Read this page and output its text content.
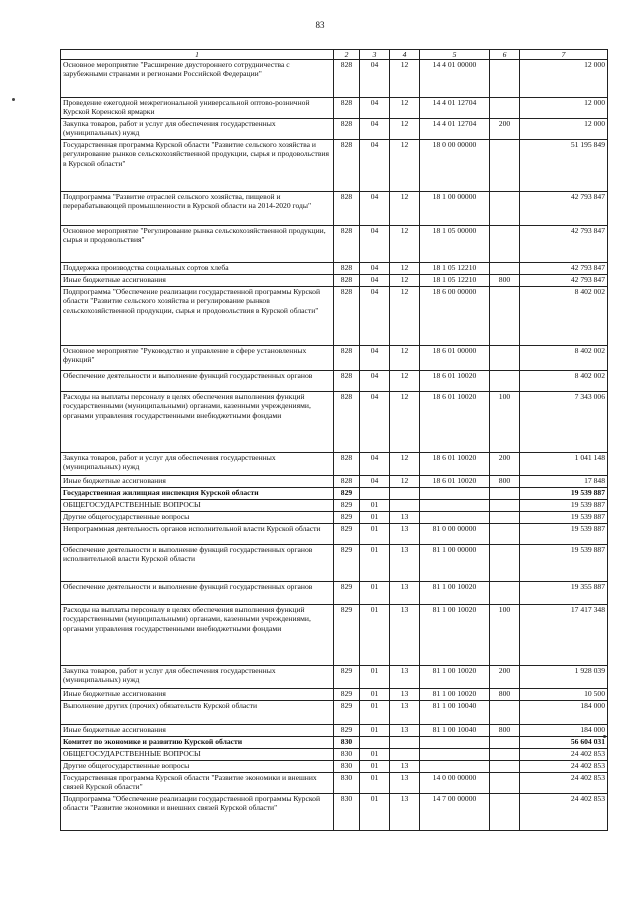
83
1	2	3	4	5	6	7
Основное мероприятие "Расширение двустороннего сотрудничества с зарубежными странами и регионами Российской Федерации"	828	04	12	14 4 01 00000		12 000
Проведение ежегодной межрегиональной универсальной оптово-розничной Курской Коренской ярмарки	828	04	12	14 4 01 12704		12 000
Закупка товаров, работ и услуг для обеспечения государственных (муниципальных) нужд	828	04	12	14 4 01 12704	200	12 000
Государственная программа Курской области "Развитие сельского хозяйства и регулирование рынков сельскохозяйственной продукции, сырья и продовольствия в Курской области"	828	04	12	18 0 00 00000		51 195 849
Подпрограмма "Развитие отраслей сельского хозяйства, пищевой и перерабатывающей промышленности в Курской области на 2014-2020 годы"	828	04	12	18 1 00 00000		42 793 847
Основное мероприятие "Регулирование рынка сельскохозяйственной продукции, сырья и продовольствия"	828	04	12	18 1 05 00000		42 793 847
Поддержка производства социальных сортов хлеба	828	04	12	18 1 05 12210		42 793 847
Иные бюджетные ассигнования	828	04	12	18 1 05 12210	800	42 793 847
Подпрограмма "Обеспечение реализации государственной программы Курской области "Развитие сельского хозяйства и регулирование рынков сельскохозяйственной продукции, сырья и продовольствия в Курской области"	828	04	12	18 6 00 00000		8 402 002
Основное мероприятие "Руководство и управление в сфере установленных функций"	828	04	12	18 6 01 00000		8 402 002
Обеспечение деятельности и выполнение функций государственных органов	828	04	12	18 6 01 10020		8 402 002
Расходы на выплаты персоналу в целях обеспечения выполнения функций государственными (муниципальными) органами, казенными учреждениями, органами управления государственными внебюджетными фондами	828	04	12	18 6 01 10020	100	7 343 006
Закупка товаров, работ и услуг для обеспечения государственных (муниципальных) нужд	828	04	12	18 6 01 10020	200	1 041 148
Иные бюджетные ассигнования	828	04	12	18 6 01 10020	800	17 848
Государственная жилищная инспекция Курской области	829					19 539 887
ОБЩЕГОСУДАРСТВЕННЫЕ ВОПРОСЫ	829	01				19 539 887
Другие общегосударственные вопросы	829	01	13			19 539 887
Непрограммная деятельность органов исполнительной власти Курской области	829	01	13	81 0 00 00000		19 539 887
Обеспечение деятельности и выполнение функций государственных органов исполнительной власти Курской области	829	01	13	81 1 00 00000		19 539 887
Обеспечение деятельности и выполнение функций государственных органов	829	01	13	81 1 00 10020		19 355 887
Расходы на выплаты персоналу в целях обеспечения выполнения функций государственными (муниципальными) органами, казенными учреждениями, органами управления государственными внебюджетными фондами	829	01	13	81 1 00 10020	100	17 417 348
Закупка товаров, работ и услуг для обеспечения государственных (муниципальных) нужд	829	01	13	81 1 00 10020	200	1 928 039
Иные бюджетные ассигнования	829	01	13	81 1 00 10020	800	10 500
Выполнение других (прочих) обязательств Курской области	829	01	13	81 1 00 10040		184 000
Иные бюджетные ассигнования	829	01	13	81 1 00 10040	800	184 000
Комитет по экономике и развитию Курской области	830					56 604 031
ОБЩЕГОСУДАРСТВЕННЫЕ ВОПРОСЫ	830	01				24 402 853
Другие общегосударственные вопросы	830	01	13			24 402 853
Государственная программа Курской области "Развитие экономики и внешних связей Курской области"	830	01	13	14 0 00 00000		24 402 853
Подпрограмма "Обеспечение реализации государственной программы Курской области "Развитие экономики и внешних связей Курской области"	830	01	13	14 7 00 00000		24 402 853
